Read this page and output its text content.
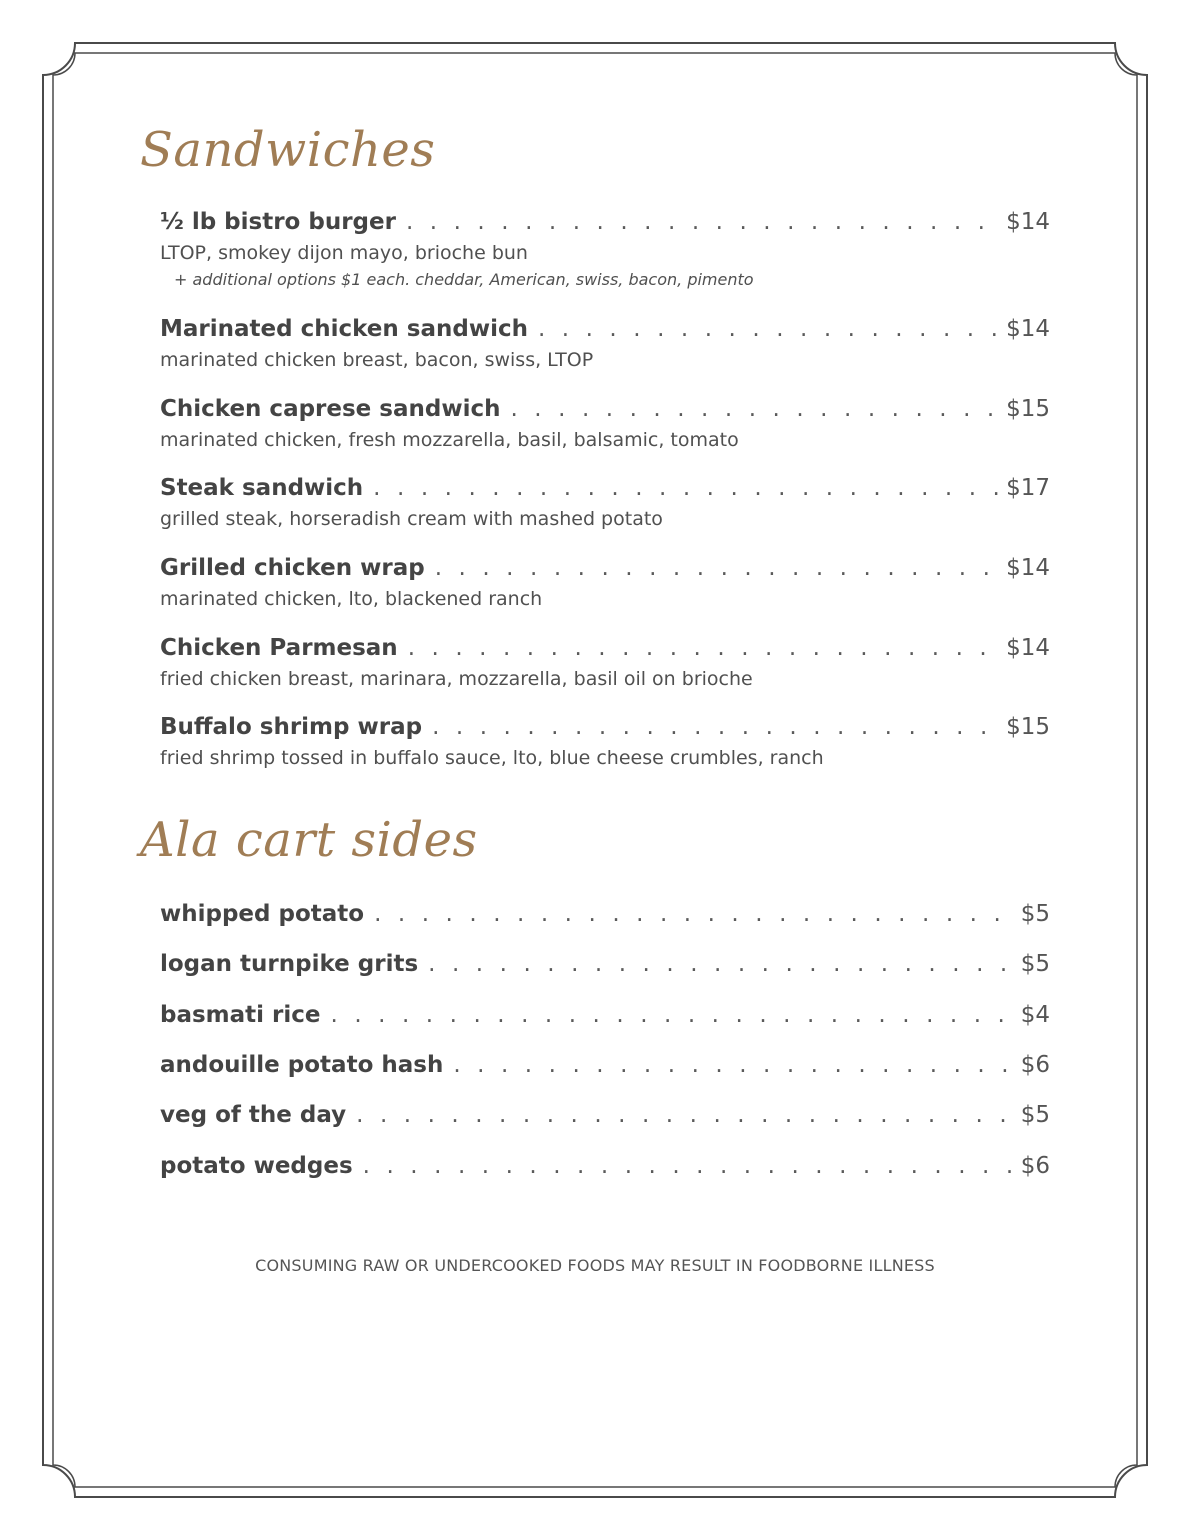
Sandwiches
½ lb bistro burger . . .	$14
LTOP, smokey dijon mayo, brioche bun
+ additional options $1 each. cheddar, American, swiss, bacon, pimento
Marinated chicken sandwich . . .	$14
marinated chicken breast, bacon, swiss, LTOP
Chicken caprese sandwich . . .	$15
marinated chicken, fresh mozzarella, basil, balsamic, tomato
Steak sandwich . . .	$17
grilled steak, horseradish cream with mashed potato
Grilled chicken wrap . . .	$14
marinated chicken, lto, blackened ranch
Chicken Parmesan . . .	$14
fried chicken breast, marinara, mozzarella, basil oil on brioche
Buffalo shrimp wrap . . .	$15
fried shrimp tossed in buffalo sauce, lto, blue cheese crumbles, ranch
Ala cart sides
whipped potato . . .	$5
logan turnpike grits . . .	$5
basmati rice . . .	$4
andouille potato hash . . .	$6
veg of the day . . .	$5
potato wedges . . .	$6
CONSUMING RAW OR UNDERCOOKED FOODS MAY RESULT IN FOODBORNE ILLNESS
